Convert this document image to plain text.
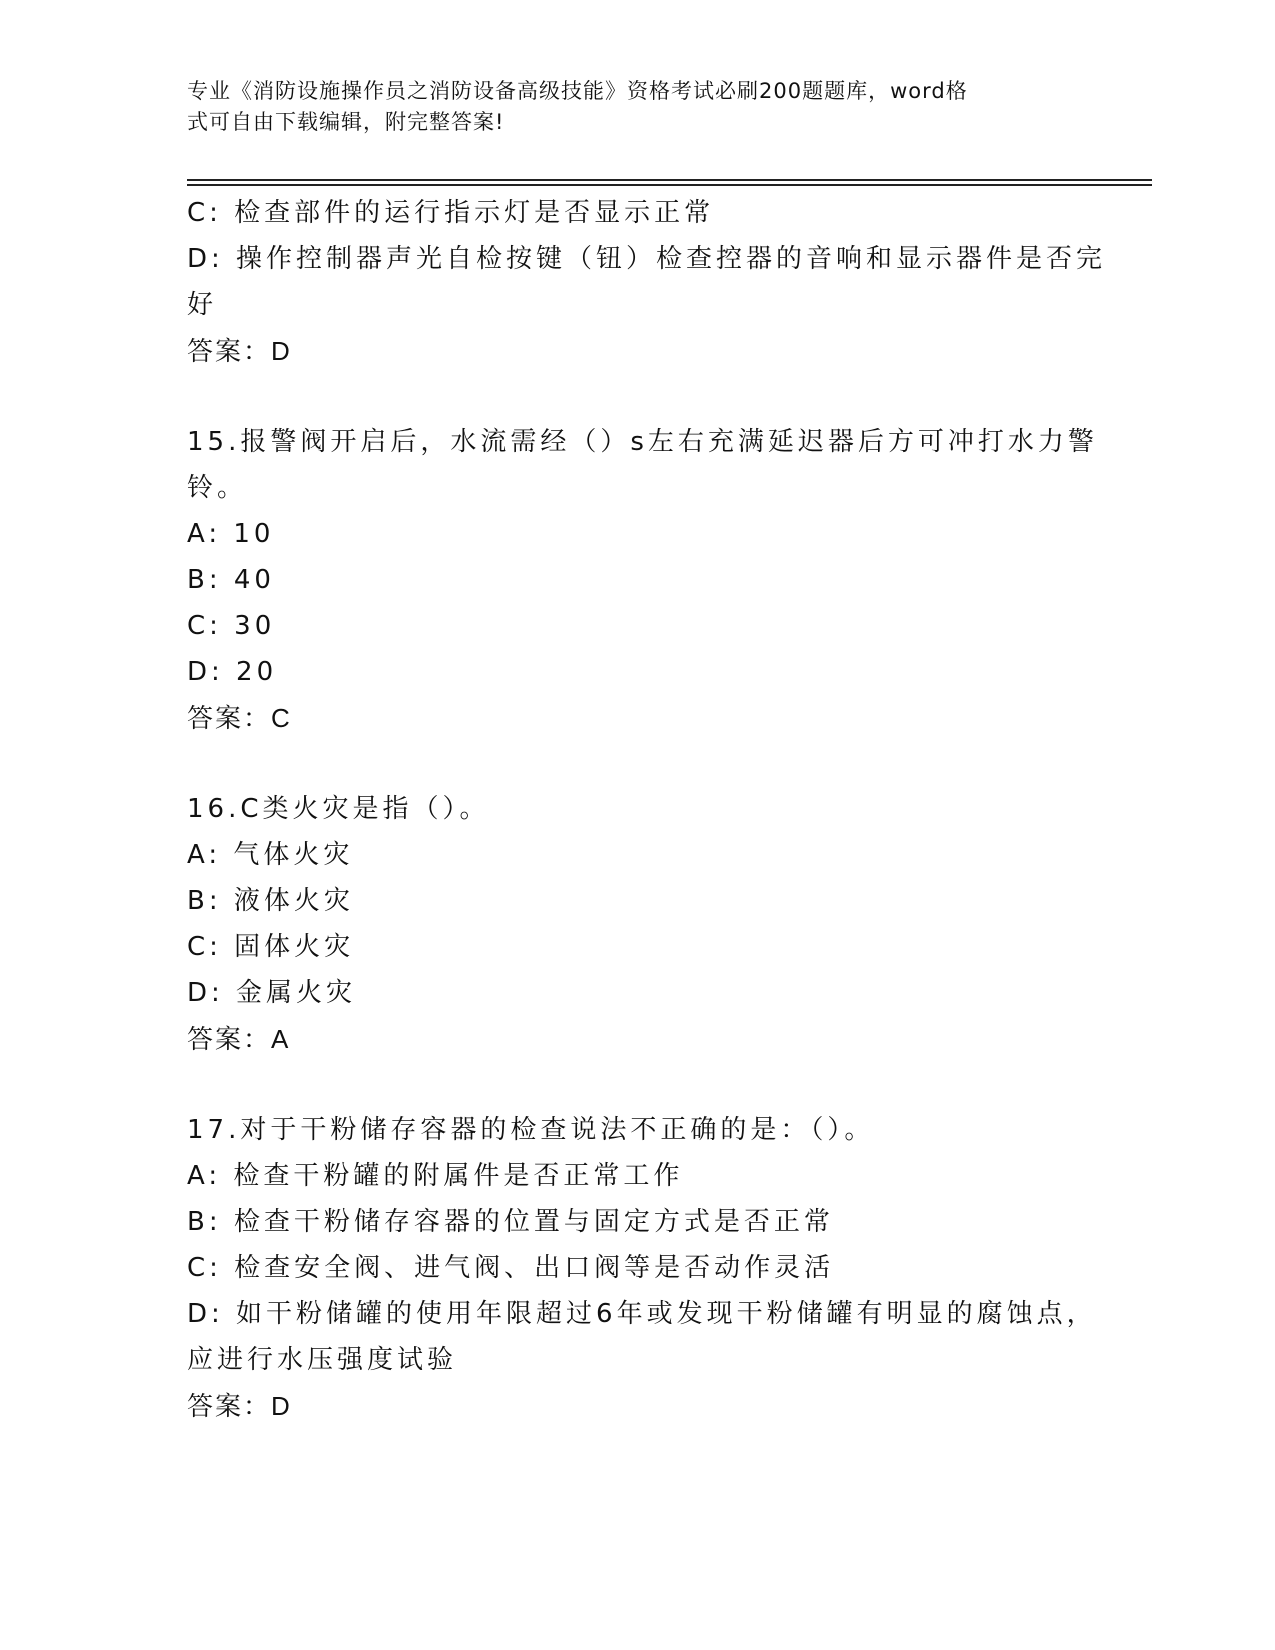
专业《消防设施操作员之消防设备高级技能》资格考试必刷200题题库，word格
式可自由下载编辑，附完整答案!
C: 检查部件的运行指示灯是否显示正常
D: 操作控制器声光自检按键（钮）检查控器的音响和显示器件是否完
好
答案：D
15.报警阀开启后，水流需经（）s左右充满延迟器后方可冲打水力警
铃。
A: 10
B: 40
C: 30
D: 20
答案：C
16.C类火灾是指（）。
A: 气体火灾
B: 液体火灾
C: 固体火灾
D: 金属火灾
答案：A
17.对于干粉储存容器的检查说法不正确的是：（）。
A: 检查干粉罐的附属件是否正常工作
B: 检查干粉储存容器的位置与固定方式是否正常
C: 检查安全阀、进气阀、出口阀等是否动作灵活
D: 如干粉储罐的使用年限超过6年或发现干粉储罐有明显的腐蚀点，
应进行水压强度试验
答案：D
